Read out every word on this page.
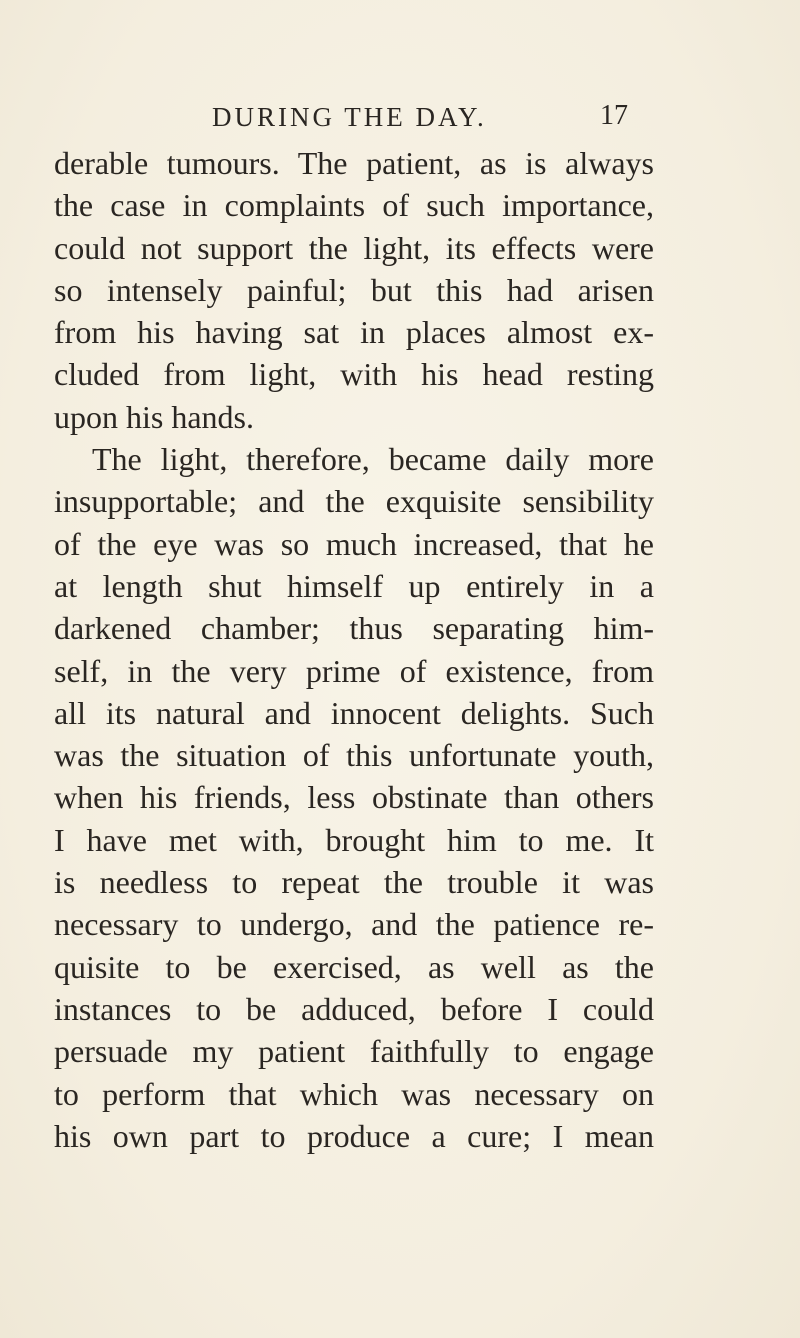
DURING THE DAY.	17
derable tumours. The patient, as is always
the case in complaints of such importance,
could not support the light, its effects were
so intensely painful; but this had arisen
from his having sat in places almost ex-
cluded from light, with his head resting
upon his hands.
The light, therefore, became daily more
insupportable; and the exquisite sensibility
of the eye was so much increased, that he
at length shut himself up entirely in a
darkened chamber; thus separating him-
self, in the very prime of existence, from
all its natural and innocent delights. Such
was the situation of this unfortunate youth,
when his friends, less obstinate than others
I have met with, brought him to me. It
is needless to repeat the trouble it was
necessary to undergo, and the patience re-
quisite to be exercised, as well as the
instances to be adduced, before I could
persuade my patient faithfully to engage
to perform that which was necessary on
his own part to produce a cure; I mean
